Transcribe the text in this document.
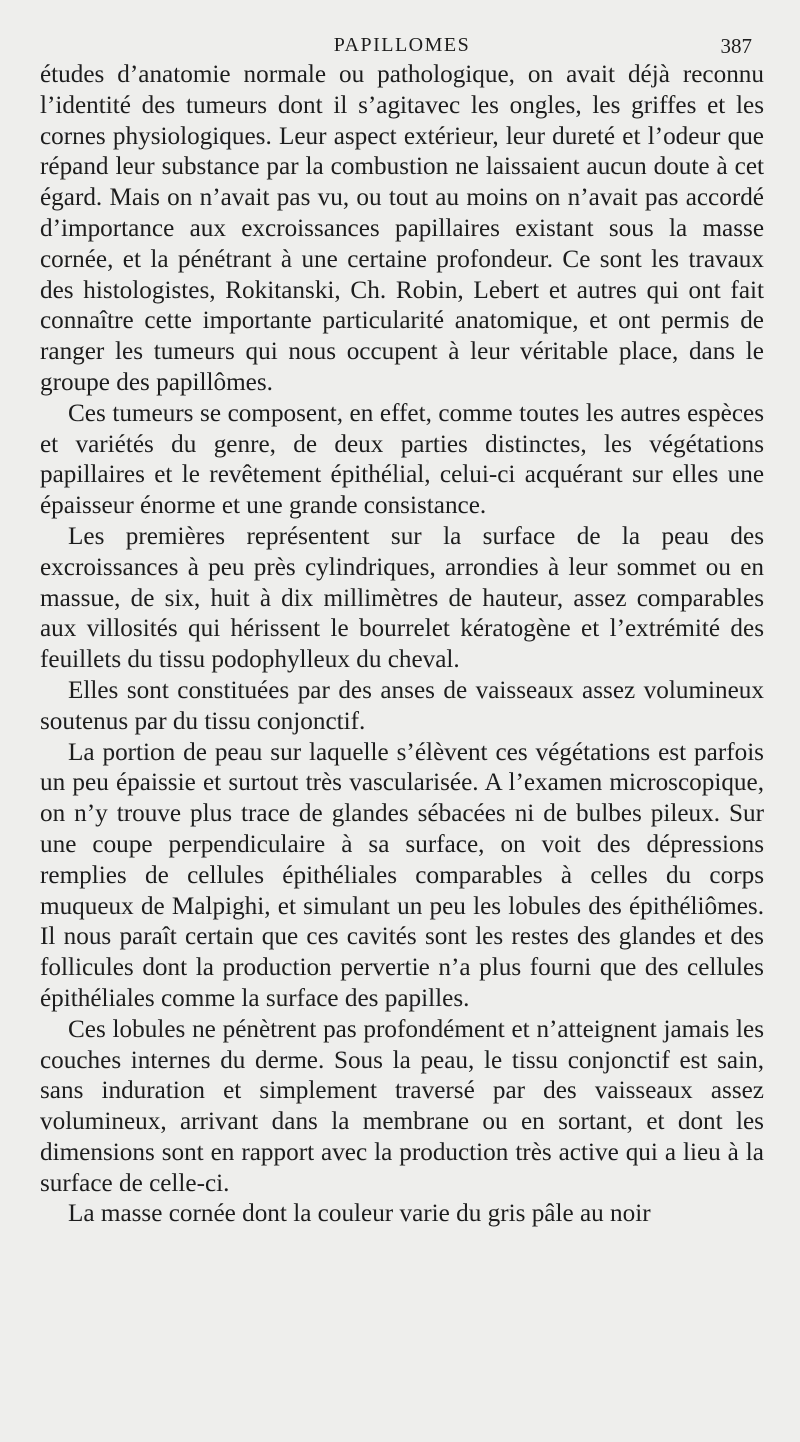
PAPILLOMES	387

études d’anatomie normale ou pathologique, on avait déjà reconnu l’identité des tumeurs dont il s’agitavec les ongles, les griffes et les cornes physiologiques. Leur aspect extérieur, leur dureté et l’odeur que répand leur substance par la combustion ne laissaient aucun doute à cet égard. Mais on n’avait pas vu, ou tout au moins on n’avait pas accordé d’importance aux excroissances papillaires existant sous la masse cornée, et la pénétrant à une certaine profondeur. Ce sont les travaux des histologistes, Rokitanski, Ch. Robin, Lebert et autres qui ont fait connaître cette importante particularité anatomique, et ont permis de ranger les tumeurs qui nous occupent à leur véritable place, dans le groupe des papillômes.

Ces tumeurs se composent, en effet, comme toutes les autres espèces et variétés du genre, de deux parties distinctes, les végétations papillaires et le revêtement épithélial, celui-ci acquérant sur elles une épaisseur énorme et une grande consistance.

Les premières représentent sur la surface de la peau des excroissances à peu près cylindriques, arrondies à leur sommet ou en massue, de six, huit à dix millimètres de hauteur, assez comparables aux villosités qui hérissent le bourrelet kératogène et l’extrémité des feuillets du tissu podophylleux du cheval.

Elles sont constituées par des anses de vaisseaux assez volumineux soutenus par du tissu conjonctif.

La portion de peau sur laquelle s’élèvent ces végétations est parfois un peu épaissie et surtout très vascularisée. A l’examen microscopique, on n’y trouve plus trace de glandes sébacées ni de bulbes pileux. Sur une coupe perpendiculaire à sa surface, on voit des dépressions remplies de cellules épithéliales comparables à celles du corps muqueux de Malpighi, et simulant un peu les lobules des épithéliômes. Il nous paraît certain que ces cavités sont les restes des glandes et des follicules dont la production pervertie n’a plus fourni que des cellules épithéliales comme la surface des papilles.

Ces lobules ne pénètrent pas profondément et n’atteignent jamais les couches internes du derme. Sous la peau, le tissu conjonctif est sain, sans induration et simplement traversé par des vaisseaux assez volumineux, arrivant dans la membrane ou en sortant, et dont les dimensions sont en rapport avec la production très active qui a lieu à la surface de celle-ci.

La masse cornée dont la couleur varie du gris pâle au noir
